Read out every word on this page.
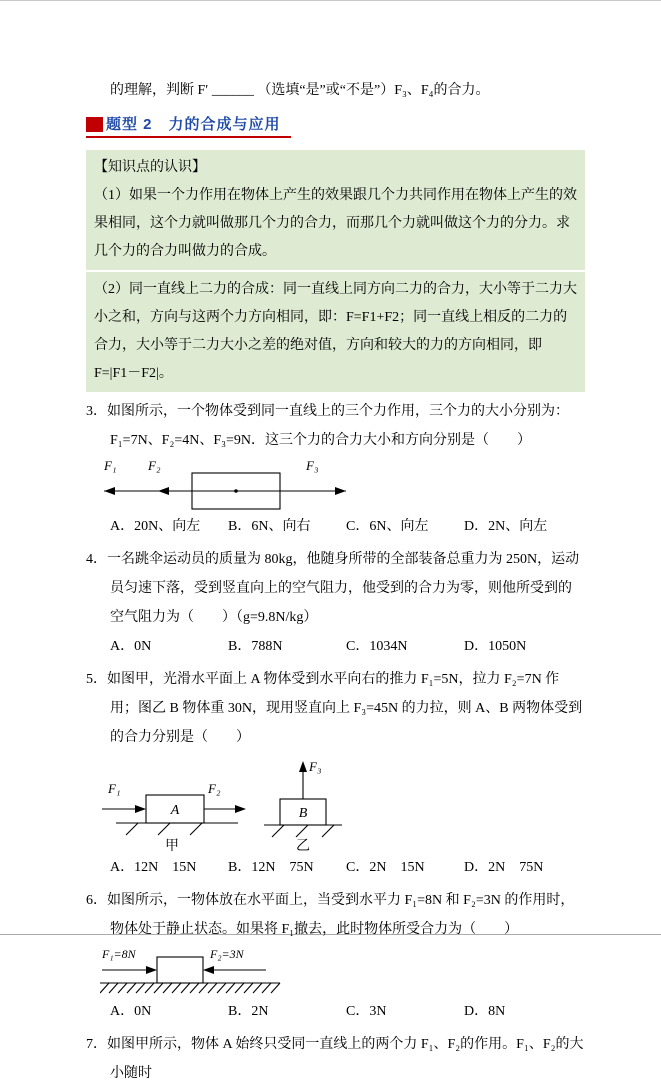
的理解，判断 F′ ______ （选填“是”或“不是”）F₃、F₄的合力。

题型 2　力的合成与应用

【知识点的认识】

（1）如果一个力作用在物体上产生的效果跟几个力共同作用在物体上产生的效果相同，这个力就叫做那几个力的合力，而那几个力就叫做这个力的分力。求几个力的合力叫做力的合成。

（2）同一直线上二力的合成：同一直线上同方向二力的合力，大小等于二力大小之和，方向与这两个力方向相同，即：F=F1+F2；同一直线上相反的二力的合力，大小等于二力大小之差的绝对值，方向和较大的力的方向相同，即 F=|F1－F2|。

3．如图所示，一个物体受到同一直线上的三个力作用，三个力的大小分别为：F₁=7N、F₂=4N、F₃=9N．这三个力的合力大小和方向分别是（　　）

F₁ F₂	F₃
A．20N、向左	B．6N、向右	C．6N、向左	D．2N、向左

4．一名跳伞运动员的质量为 80kg，他随身所带的全部装备总重力为 250N，运动员匀速下落，受到竖直向上的空气阻力，他受到的合力为零，则他所受到的空气阻力为（　　）（g=9.8N/kg）

A．0N	B．788N	C．1034N	D．1050N

5．如图甲，光滑水平面上 A 物体受到水平向右的推力 F₁=5N，拉力 F₂=7N 作用；图乙 B 物体重 30N，现用竖直向上 F₃=45N 的力拉，则 A、B 两物体受到的合力分别是（　　）

F₁
A
F₂
甲
F₃
B
乙
A．12N　15N	B．12N　75N	C．2N　15N	D．2N　75N

6．如图所示，一物体放在水平面上，当受到水平力 F₁=8N 和 F₂=3N 的作用时，物体处于静止状态。如果将 F₁撤去，此时物体所受合力为（　　）

F₁=8N	F₂=3N
A．0N	B．2N	C．3N	D．8N

7．如图甲所示，物体 A 始终只受同一直线上的两个力 F₁、F₂的作用。F₁、F₂的大小随时
